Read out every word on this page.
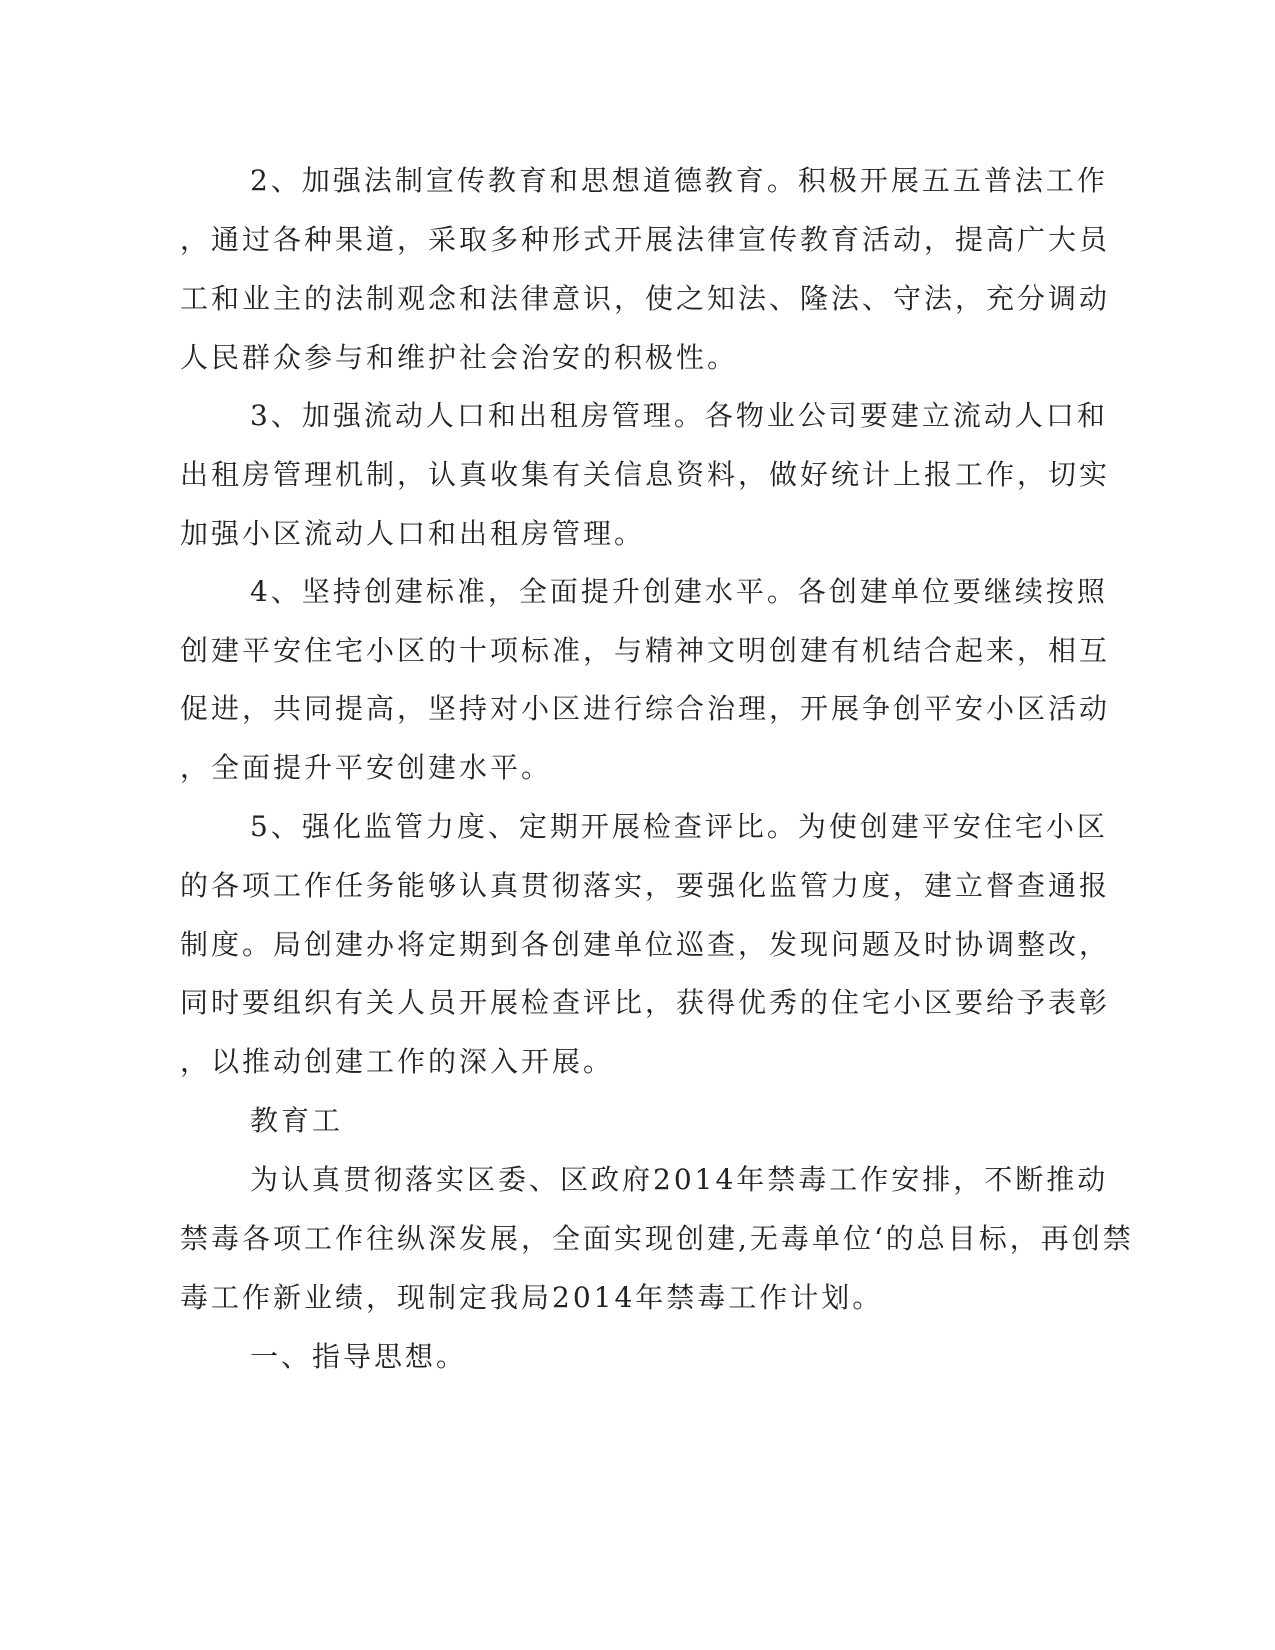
2、加强法制宣传教育和思想道德教育。积极开展五五普法工作
，通过各种果道，采取多种形式开展法律宣传教育活动，提高广大员
工和业主的法制观念和法律意识，使之知法、隆法、守法，充分调动
人民群众参与和维护社会治安的积极性。
3、加强流动人口和出租房管理。各物业公司要建立流动人口和
出租房管理机制，认真收集有关信息资料，做好统计上报工作，切实
加强小区流动人口和出租房管理。
4、坚持创建标准，全面提升创建水平。各创建单位要继续按照
创建平安住宅小区的十项标准，与精神文明创建有机结合起来，相互
促进，共同提高，坚持对小区进行综合治理，开展争创平安小区活动
，全面提升平安创建水平。
5、强化监管力度、定期开展检查评比。为使创建平安住宅小区
的各项工作任务能够认真贯彻落实，要强化监管力度，建立督查通报
制度。局创建办将定期到各创建单位巡查，发现问题及时协调整改，
同时要组织有关人员开展检查评比，获得优秀的住宅小区要给予表彰
，以推动创建工作的深入开展。
教育工
为认真贯彻落实区委、区政府2014年禁毒工作安排，不断推动
禁毒各项工作往纵深发展，全面实现创建,无毒单位‘的总目标，再创禁
毒工作新业绩，现制定我局2014年禁毒工作计划。
一、指导思想。
